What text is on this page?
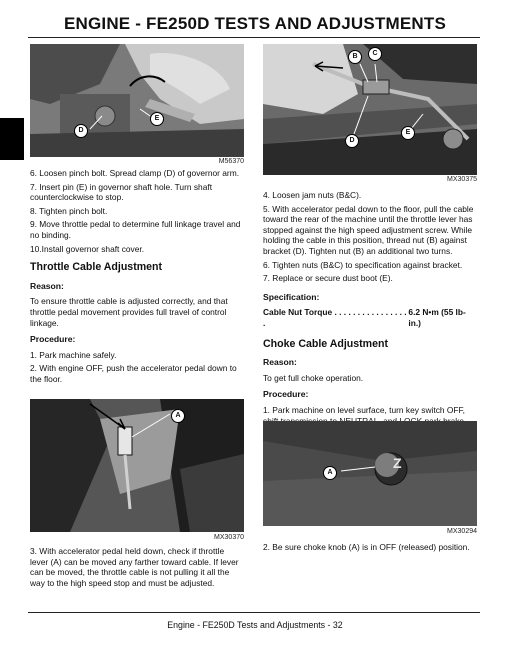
ENGINE - FE250D TESTS AND ADJUSTMENTS
D
E
M56370
B	C
D
E
MX30375

6. Loosen pinch bolt. Spread clamp (D) of governor arm.

7. Insert pin (E) in governor shaft hole. Turn shaft counterclockwise to stop.

8. Tighten pinch bolt.

9. Move throttle pedal to determine full linkage travel and no binding.

10.Install governor shaft cover.

Throttle Cable Adjustment
Reason:

To ensure throttle cable is adjusted correctly, and that throttle pedal movement provides full travel of control linkage.

Procedure:

1. Park machine safely.

2. With engine OFF, push the accelerator pedal down to the floor.

A
MX30370

3. With accelerator pedal held down, check if throttle lever (A) can be moved any farther toward cable. If lever can be moved, the throttle cable is not pulling it all the way to the high speed stop and must be adjusted.

4. Loosen jam nuts (B&C).

5. With accelerator pedal down to the floor, pull the cable toward the rear of the machine until the throttle lever has stopped against the high speed adjustment screw. While holding the cable in this position, thread nut (B) against bracket (D). Tighten nut (B) an additional two turns.

6. Tighten nuts (B&C) to specification against bracket.

7. Replace or secure dust boot (E).

Specification:
Cable Nut Torque . . . . . . . . . . . . . . . . .
6.2 N•m (55 lb-in.)
Choke Cable Adjustment
Reason:

To get full choke operation.

Procedure:

1. Park machine on level surface, turn key switch OFF,

A
Z
MX30294

2. Be sure choke knob (A) is in OFF (released) position.

Engine - FE250D Tests and Adjustments - 32
